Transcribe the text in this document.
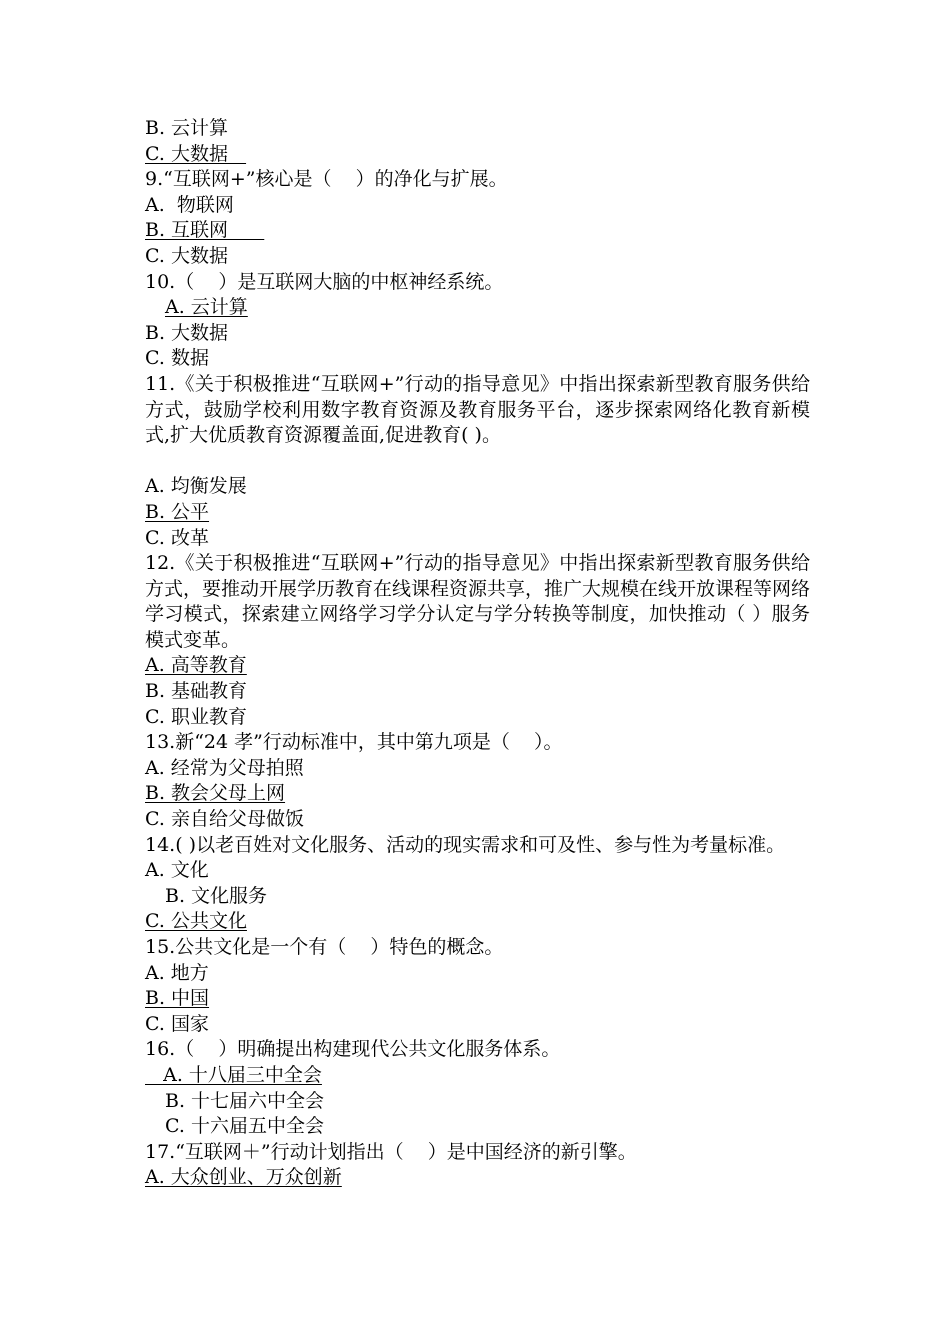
B. 云计算
C. 大数据
9.“互联网+”核心是（    ）的净化与扩展。
A.  物联网
B. 互联网
C. 大数据
10.（    ）是互联网大脑的中枢神经系统。
A. 云计算
B. 大数据
C. 数据
11.《关于积极推进“互联网+”行动的指导意见》中指出探索新型教育服务供给方式，鼓励学校利用数字教育资源及教育服务平台，逐步探索网络化教育新模式,扩大优质教育资源覆盖面,促进教育( )。
A. 均衡发展
B. 公平
C. 改革
12.《关于积极推进“互联网+”行动的指导意见》中指出探索新型教育服务供给方式，要推动开展学历教育在线课程资源共享，推广大规模在线开放课程等网络学习模式，探索建立网络学习学分认定与学分转换等制度，加快推动（ ）服务模式变革。
A. 高等教育
B. 基础教育
C. 职业教育
13.新“24 孝”行动标准中，其中第九项是（    ）。
A. 经常为父母拍照
B. 教会父母上网
C. 亲自给父母做饭
14.( )以老百姓对文化服务、活动的现实需求和可及性、参与性为考量标准。
A. 文化
B. 文化服务
C. 公共文化
15.公共文化是一个有（    ）特色的概念。
A. 地方
B. 中国
C. 国家
16.（    ）明确提出构建现代公共文化服务体系。
A. 十八届三中全会
B. 十七届六中全会
C. 十六届五中全会
17.“互联网＋”行动计划指出（    ）是中国经济的新引擎。
A. 大众创业、万众创新
